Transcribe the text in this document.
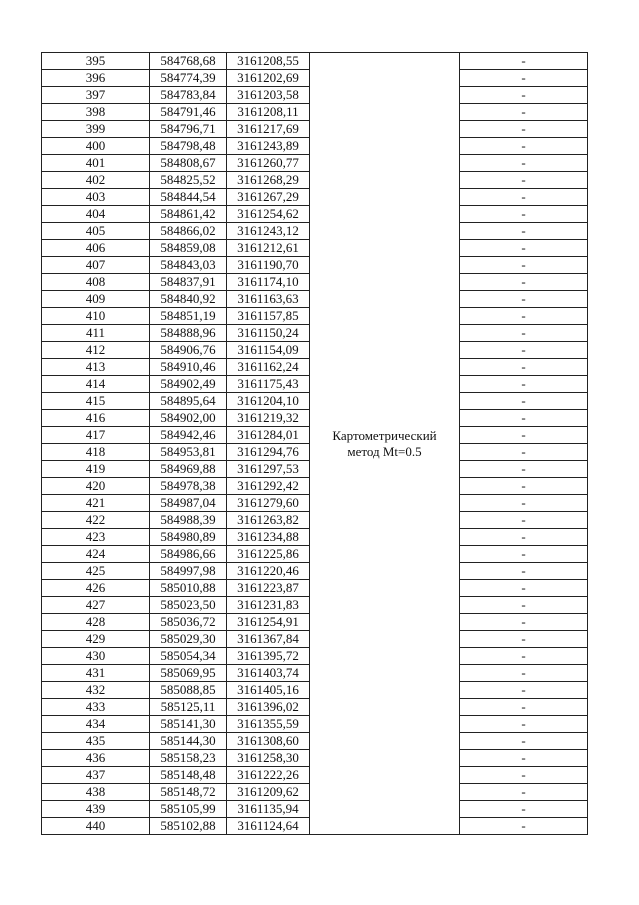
395	584768,68	3161208,55	Картометрический
метод Mt=0.5	-
396	584774,39	3161202,69		-
397	584783,84	3161203,58		-
398	584791,46	3161208,11		-
399	584796,71	3161217,69		-
400	584798,48	3161243,89		-
401	584808,67	3161260,77		-
402	584825,52	3161268,29		-
403	584844,54	3161267,29		-
404	584861,42	3161254,62		-
405	584866,02	3161243,12		-
406	584859,08	3161212,61		-
407	584843,03	3161190,70		-
408	584837,91	3161174,10		-
409	584840,92	3161163,63		-
410	584851,19	3161157,85		-
411	584888,96	3161150,24		-
412	584906,76	3161154,09		-
413	584910,46	3161162,24		-
414	584902,49	3161175,43		-
415	584895,64	3161204,10		-
416	584902,00	3161219,32		-
417	584942,46	3161284,01		-
418	584953,81	3161294,76		-
419	584969,88	3161297,53		-
420	584978,38	3161292,42		-
421	584987,04	3161279,60		-
422	584988,39	3161263,82		-
423	584980,89	3161234,88		-
424	584986,66	3161225,86		-
425	584997,98	3161220,46		-
426	585010,88	3161223,87		-
427	585023,50	3161231,83		-
428	585036,72	3161254,91		-
429	585029,30	3161367,84		-
430	585054,34	3161395,72		-
431	585069,95	3161403,74		-
432	585088,85	3161405,16		-
433	585125,11	3161396,02		-
434	585141,30	3161355,59		-
435	585144,30	3161308,60		-
436	585158,23	3161258,30		-
437	585148,48	3161222,26		-
438	585148,72	3161209,62		-
439	585105,99	3161135,94		-
440	585102,88	3161124,64		-
